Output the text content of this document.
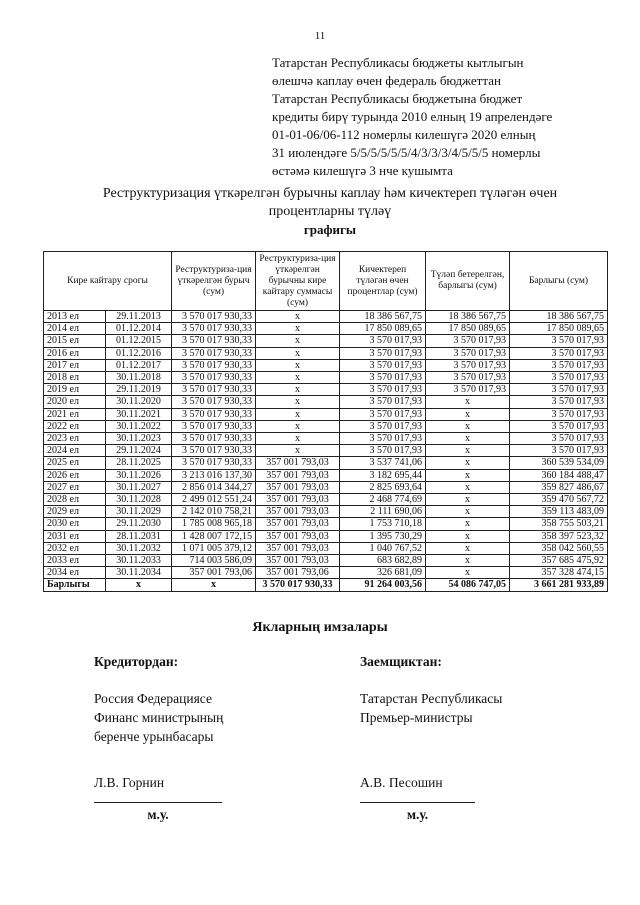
11
Татарстан Республикасы бюджеты кытлыгын
өлешчә каплау өчен федераль бюджеттан
Татарстан Республикасы бюджетына бюджет
кредиты бирү турында 2010 елның 19 апрелендәге
01-01-06/06-112 номерлы килешүгә 2020 елның
31 июлендәге 5/5/5/5/5/5/4/3/3/3/4/5/5/5 номерлы
өстәмә килешүгә 3 нче кушымта
Реструктуризация үткәрелгән бурычны каплау һәм кичектереп түләгән өчен
процентларны түләү
графигы
Кире кайтару срогы		Реструктуриза-ция үткәрелгән бурыч (сум)	Реструктуриза-ция үткәрелгән бурычны кире кайтару суммасы (сум)	Кичектереп түләгән өчен процентлар (сум)	Түләп бетерелгән, барлыгы (сум)	Барлыгы (сум)
2013 ел	29.11.2013	3 570 017 930,33	x	18 386 567,75	18 386 567,75	18 386 567,75
2014 ел	01.12.2014	3 570 017 930,33	x	17 850 089,65	17 850 089,65	17 850 089,65
2015 ел	01.12.2015	3 570 017 930,33	x	3 570 017,93	3 570 017,93	3 570 017,93
2016 ел	01.12.2016	3 570 017 930,33	x	3 570 017,93	3 570 017,93	3 570 017,93
2017 ел	01.12.2017	3 570 017 930,33	x	3 570 017,93	3 570 017,93	3 570 017,93
2018 ел	30.11.2018	3 570 017 930,33	x	3 570 017,93	3 570 017,93	3 570 017,93
2019 ел	29.11.2019	3 570 017 930,33	x	3 570 017,93	3 570 017,93	3 570 017,93
2020 ел	30.11.2020	3 570 017 930,33	x	3 570 017,93	x	3 570 017,93
2021 ел	30.11.2021	3 570 017 930,33	x	3 570 017,93	x	3 570 017,93
2022 ел	30.11.2022	3 570 017 930,33	x	3 570 017,93	x	3 570 017,93
2023 ел	30.11.2023	3 570 017 930,33	x	3 570 017,93	x	3 570 017,93
2024 ел	29.11.2024	3 570 017 930,33	x	3 570 017,93	x	3 570 017,93
2025 ел	28.11.2025	3 570 017 930,33	357 001 793,03	3 537 741,06	x	360 539 534,09
2026 ел	30.11.2026	3 213 016 137,30	357 001 793,03	3 182 695,44	x	360 184 488,47
2027 ел	30.11.2027	2 856 014 344,27	357 001 793,03	2 825 693,64	x	359 827 486,67
2028 ел	30.11.2028	2 499 012 551,24	357 001 793,03	2 468 774,69	x	359 470 567,72
2029 ел	30.11.2029	2 142 010 758,21	357 001 793,03	2 111 690,06	x	359 113 483,09
2030 ел	29.11.2030	1 785 008 965,18	357 001 793,03	1 753 710,18	x	358 755 503,21
2031 ел	28.11.2031	1 428 007 172,15	357 001 793,03	1 395 730,29	x	358 397 523,32
2032 ел	30.11.2032	1 071 005 379,12	357 001 793,03	1 040 767,52	x	358 042 560,55
2033 ел	30.11.2033	714 003 586,09	357 001 793,03	683 682,89	x	357 685 475,92
2034 ел	30.11.2034	357 001 793,06	357 001 793,06	326 681,09	x	357 328 474,15
Барлыгы	x	x	3 570 017 930,33	91 264 003,56	54 086 747,05	3 661 281 933,89
Якларның имзалары
Кредитордан:
Россия Федерациясе
Финанс министрының
беренче урынбасары
Л.В. Горнин
м.у.
Заемщиктан:
Татарстан Республикасы
Премьер-министры
А.В. Песошин
м.у.
